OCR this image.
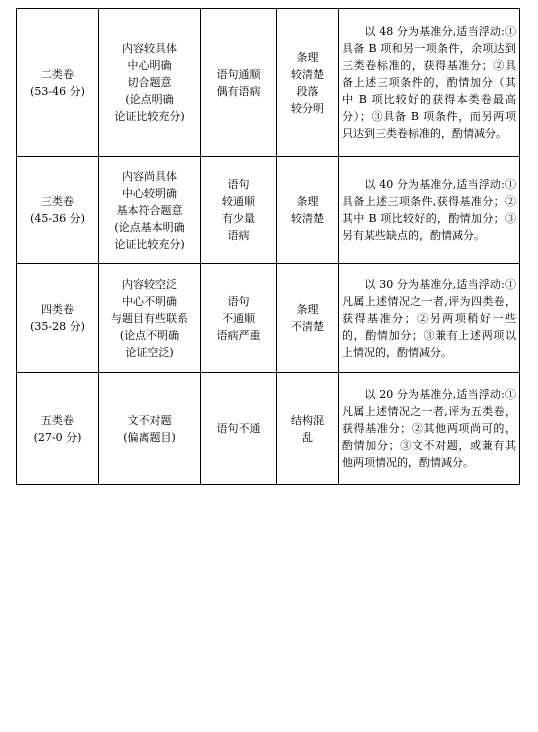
二类卷
(53-46 分)	内容较具体
中心明确
切合题意
(论点明确
论证比较充分)	语句通顺
偶有语病	条理
较清楚
段落
较分明	　　以 48 分为基准分,适当浮动:①具备 B 项和另一项条件，余项达到三类卷标准的，获得基准分；②具备上述三项条件的，酌情加分（其中 B 项比较好的获得本类卷最高分）；③具备 B 项条件，而另两项只达到三类卷标准的，酌情减分。

三类卷
(45-36 分)	内容尚具体
中心较明确
基本符合题意
(论点基本明确
论证比较充分)	语句
较通顺
有少量
语病	条理
较清楚	　　以 40 分为基准分,适当浮动:①具备上述三项条件,获得基准分；②其中 B 项比较好的，酌情加分；③另有某些缺点的，酌情减分。

四类卷
(35-28 分)	内容较空泛
中心不明确
与题目有些联系
(论点不明确
论证空泛)	语句
不通顺
语病严重	条理
不清楚	　　以 30 分为基准分,适当浮动:①凡属上述情况之一者,评为四类卷，获得基准分；②另两项稍好一些的，酌情加分；③兼有上述两项以上情况的，酌情减分。

五类卷
(27-0 分)	文不对题
(偏离题目)	语句不通	结构混
乱	　　以 20 分为基准分,适当浮动:①凡属上述情况之一者,评为五类卷，获得基准分；②其他两项尚可的，酌情加分；③文不对题，或兼有其他两项情况的，酌情减分。
